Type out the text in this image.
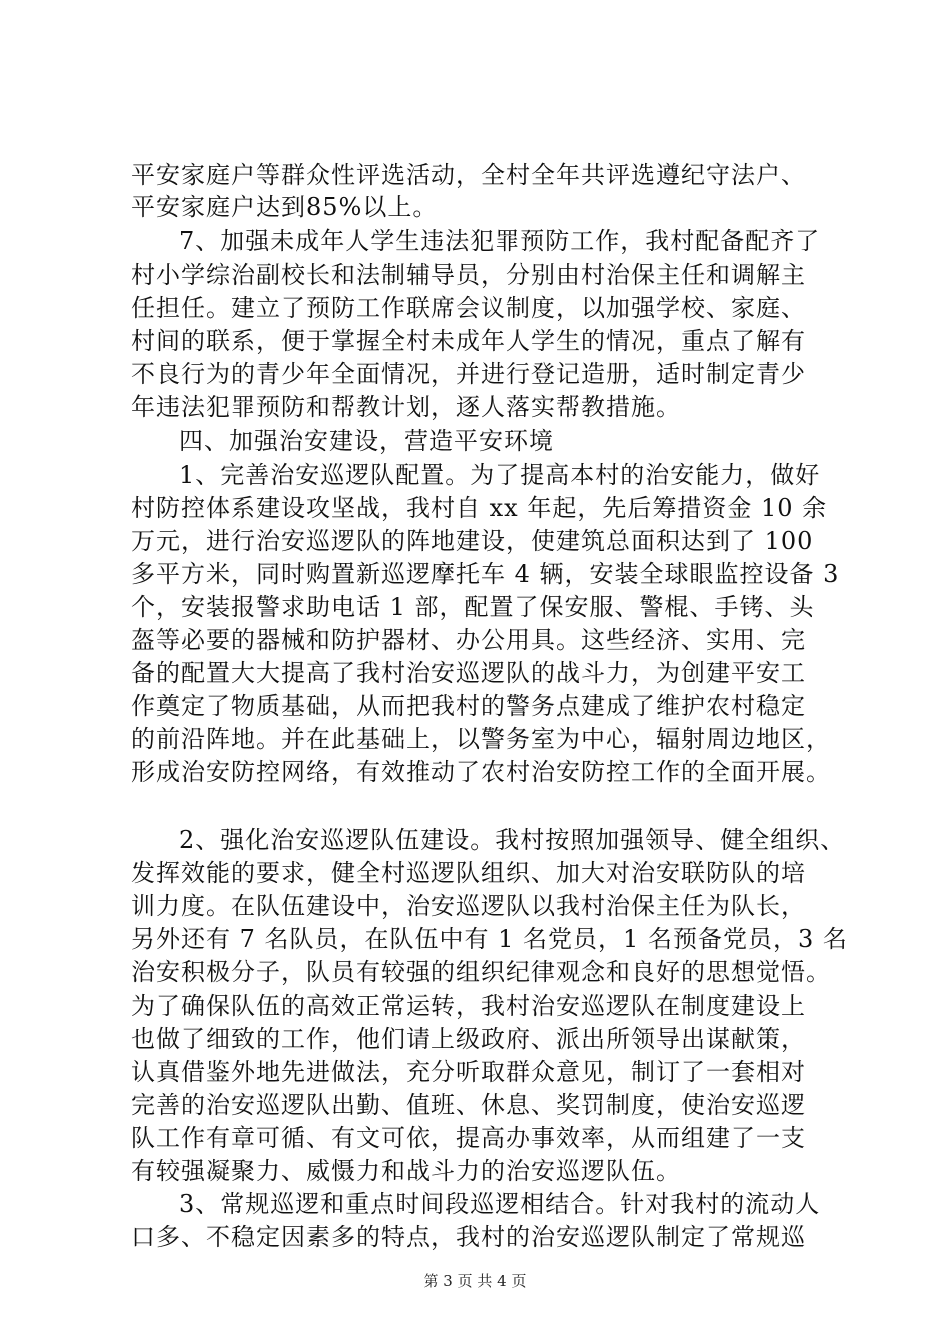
平安家庭户等群众性评选活动，全村全年共评选遵纪守法户、
平安家庭户达到85%以上。
7、加强未成年人学生违法犯罪预防工作，我村配备配齐了
村小学综治副校长和法制辅导员，分别由村治保主任和调解主
任担任。建立了预防工作联席会议制度，以加强学校、家庭、
村间的联系，便于掌握全村未成年人学生的情况，重点了解有
不良行为的青少年全面情况，并进行登记造册，适时制定青少
年违法犯罪预防和帮教计划，逐人落实帮教措施。
四、加强治安建设，营造平安环境
1、完善治安巡逻队配置。为了提高本村的治安能力，做好
村防控体系建设攻坚战，我村自 xx 年起，先后筹措资金 10 余
万元，进行治安巡逻队的阵地建设，使建筑总面积达到了 100
多平方米，同时购置新巡逻摩托车 4 辆，安装全球眼监控设备 3
个，安装报警求助电话 1 部，配置了保安服、警棍、手铐、头
盔等必要的器械和防护器材、办公用具。这些经济、实用、完
备的配置大大提高了我村治安巡逻队的战斗力，为创建平安工
作奠定了物质基础，从而把我村的警务点建成了维护农村稳定
的前沿阵地。并在此基础上，以警务室为中心，辐射周边地区，
形成治安防控网络，有效推动了农村治安防控工作的全面开展。
2、强化治安巡逻队伍建设。我村按照加强领导、健全组织、
发挥效能的要求，健全村巡逻队组织、加大对治安联防队的培
训力度。在队伍建设中，治安巡逻队以我村治保主任为队长，
另外还有 7 名队员，在队伍中有 1 名党员，1 名预备党员，3 名
治安积极分子，队员有较强的组织纪律观念和良好的思想觉悟。
为了确保队伍的高效正常运转，我村治安巡逻队在制度建设上
也做了细致的工作，他们请上级政府、派出所领导出谋献策，
认真借鉴外地先进做法，充分听取群众意见，制订了一套相对
完善的治安巡逻队出勤、值班、休息、奖罚制度，使治安巡逻
队工作有章可循、有文可依，提高办事效率，从而组建了一支
有较强凝聚力、威慑力和战斗力的治安巡逻队伍。
3、常规巡逻和重点时间段巡逻相结合。针对我村的流动人
口多、不稳定因素多的特点，我村的治安巡逻队制定了常规巡
第 3 页 共 4 页
